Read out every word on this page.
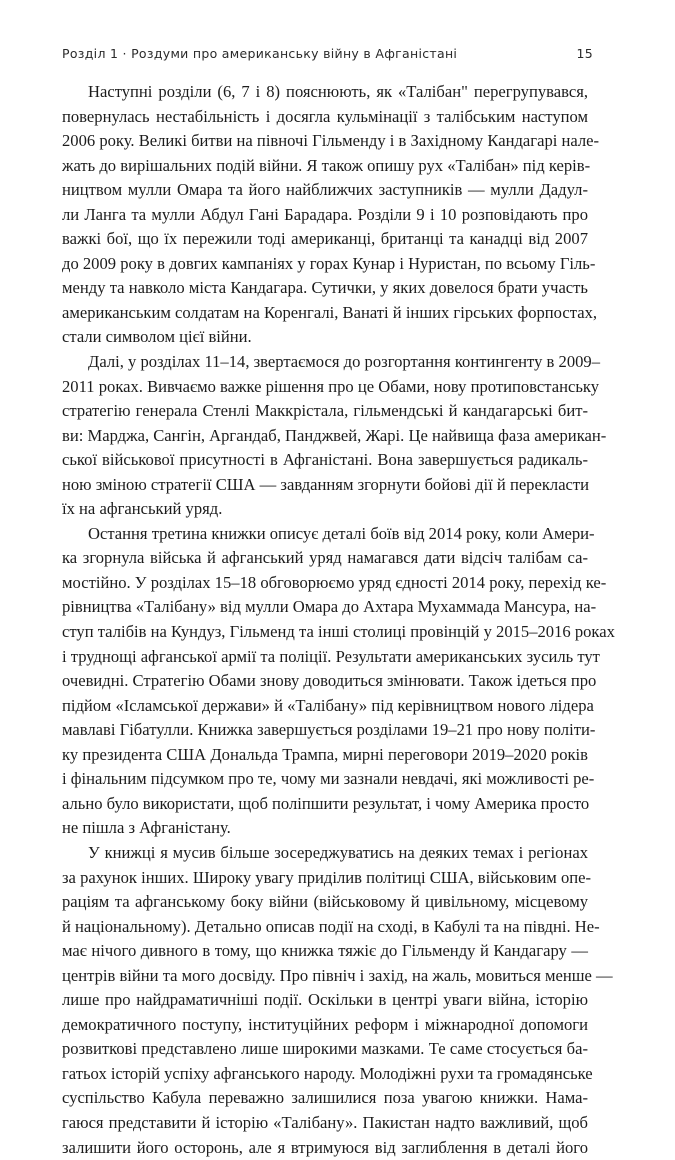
Розділ 1 · Роздуми про американську війну в Афганістані	15

Наступні розділи (6, 7 і 8) пояснюють, як «Талібан" перегрупувався,
повернулась нестабільність і досягла кульмінації з талібським наступом
2006 року. Великі битви на півночі Гільменду і в Західному Кандагарі нале-
жать до вирішальних подій війни. Я також опишу рух «Талібан» під керів-
ництвом мулли Омара та його найближчих заступників — мулли Дадул-
ли Ланга та мулли Абдул Гані Барадара. Розділи 9 і 10 розповідають про
важкі бої, що їх пережили тоді американці, британці та канадці від 2007
до 2009 року в довгих кампаніях у горах Кунар і Нуристан, по всьому Гіль-
менду та навколо міста Кандагара. Сутички, у яких довелося брати участь
американським солдатам на Коренгалі, Ванаті й інших гірських форпостах,
стали символом цієї війни.

Далі, у розділах 11–14, звертаємося до розгортання контингенту в 2009–
2011 роках. Вивчаємо важке рішення про це Обами, нову протиповстанську
стратегію генерала Стенлі Маккрістала, гільмендські й кандагарські бит-
ви: Марджа, Сангін, Аргандаб, Панджвей, Жарі. Це найвища фаза американ-
ської військової присутності в Афганістані. Вона завершується радикаль-
ною зміною стратегії США — завданням згорнути бойові дії й перекласти
їх на афганський уряд.

Остання третина книжки описує деталі боїв від 2014 року, коли Амери-
ка згорнула війська й афганський уряд намагався дати відсіч талібам са-
мостійно. У розділах 15–18 обговорюємо уряд єдності 2014 року, перехід ке-
рівництва «Талібану» від мулли Омара до Ахтара Мухаммада Мансура, на-
ступ талібів на Кундуз, Гільменд та інші столиці провінцій у 2015–2016 роках
і труднощі афганської армії та поліції. Результати американських зусиль тут
очевидні. Стратегію Обами знову доводиться змінювати. Також ідеться про
підйом «Ісламської держави» й «Талібану» під керівництвом нового лідера
мавлаві Гібатулли. Книжка завершується розділами 19–21 про нову політи-
ку президента США Дональда Трампа, мирні переговори 2019–2020 років
і фінальним підсумком про те, чому ми зазнали невдачі, які можливості ре-
ально було використати, щоб поліпшити результат, і чому Америка просто
не пішла з Афганістану.

У книжці я мусив більше зосереджуватись на деяких темах і регіонах
за рахунок інших. Широку увагу приділив політиці США, військовим опе-
раціям та афганському боку війни (військовому й цивільному, місцевому
й національному). Детально описав події на сході, в Кабулі та на півдні. Не-
має нічого дивного в тому, що книжка тяжіє до Гільменду й Кандагару —
центрів війни та мого досвіду. Про північ і захід, на жаль, мовиться менше —
лише про найдраматичніші події. Оскільки в центрі уваги війна, історію
демократичного поступу, інституційних реформ і міжнародної допомоги
розвиткові представлено лише широкими мазками. Те саме стосується ба-
гатьох історій успіху афганського народу. Молодіжні рухи та громадянське
суспільство Кабула переважно залишилися поза увагою книжки. Нама-
гаюся представити й історію «Талібану». Пакистан надто важливий, щоб
залишити його осторонь, але я втримуюся від заглиблення в деталі його
